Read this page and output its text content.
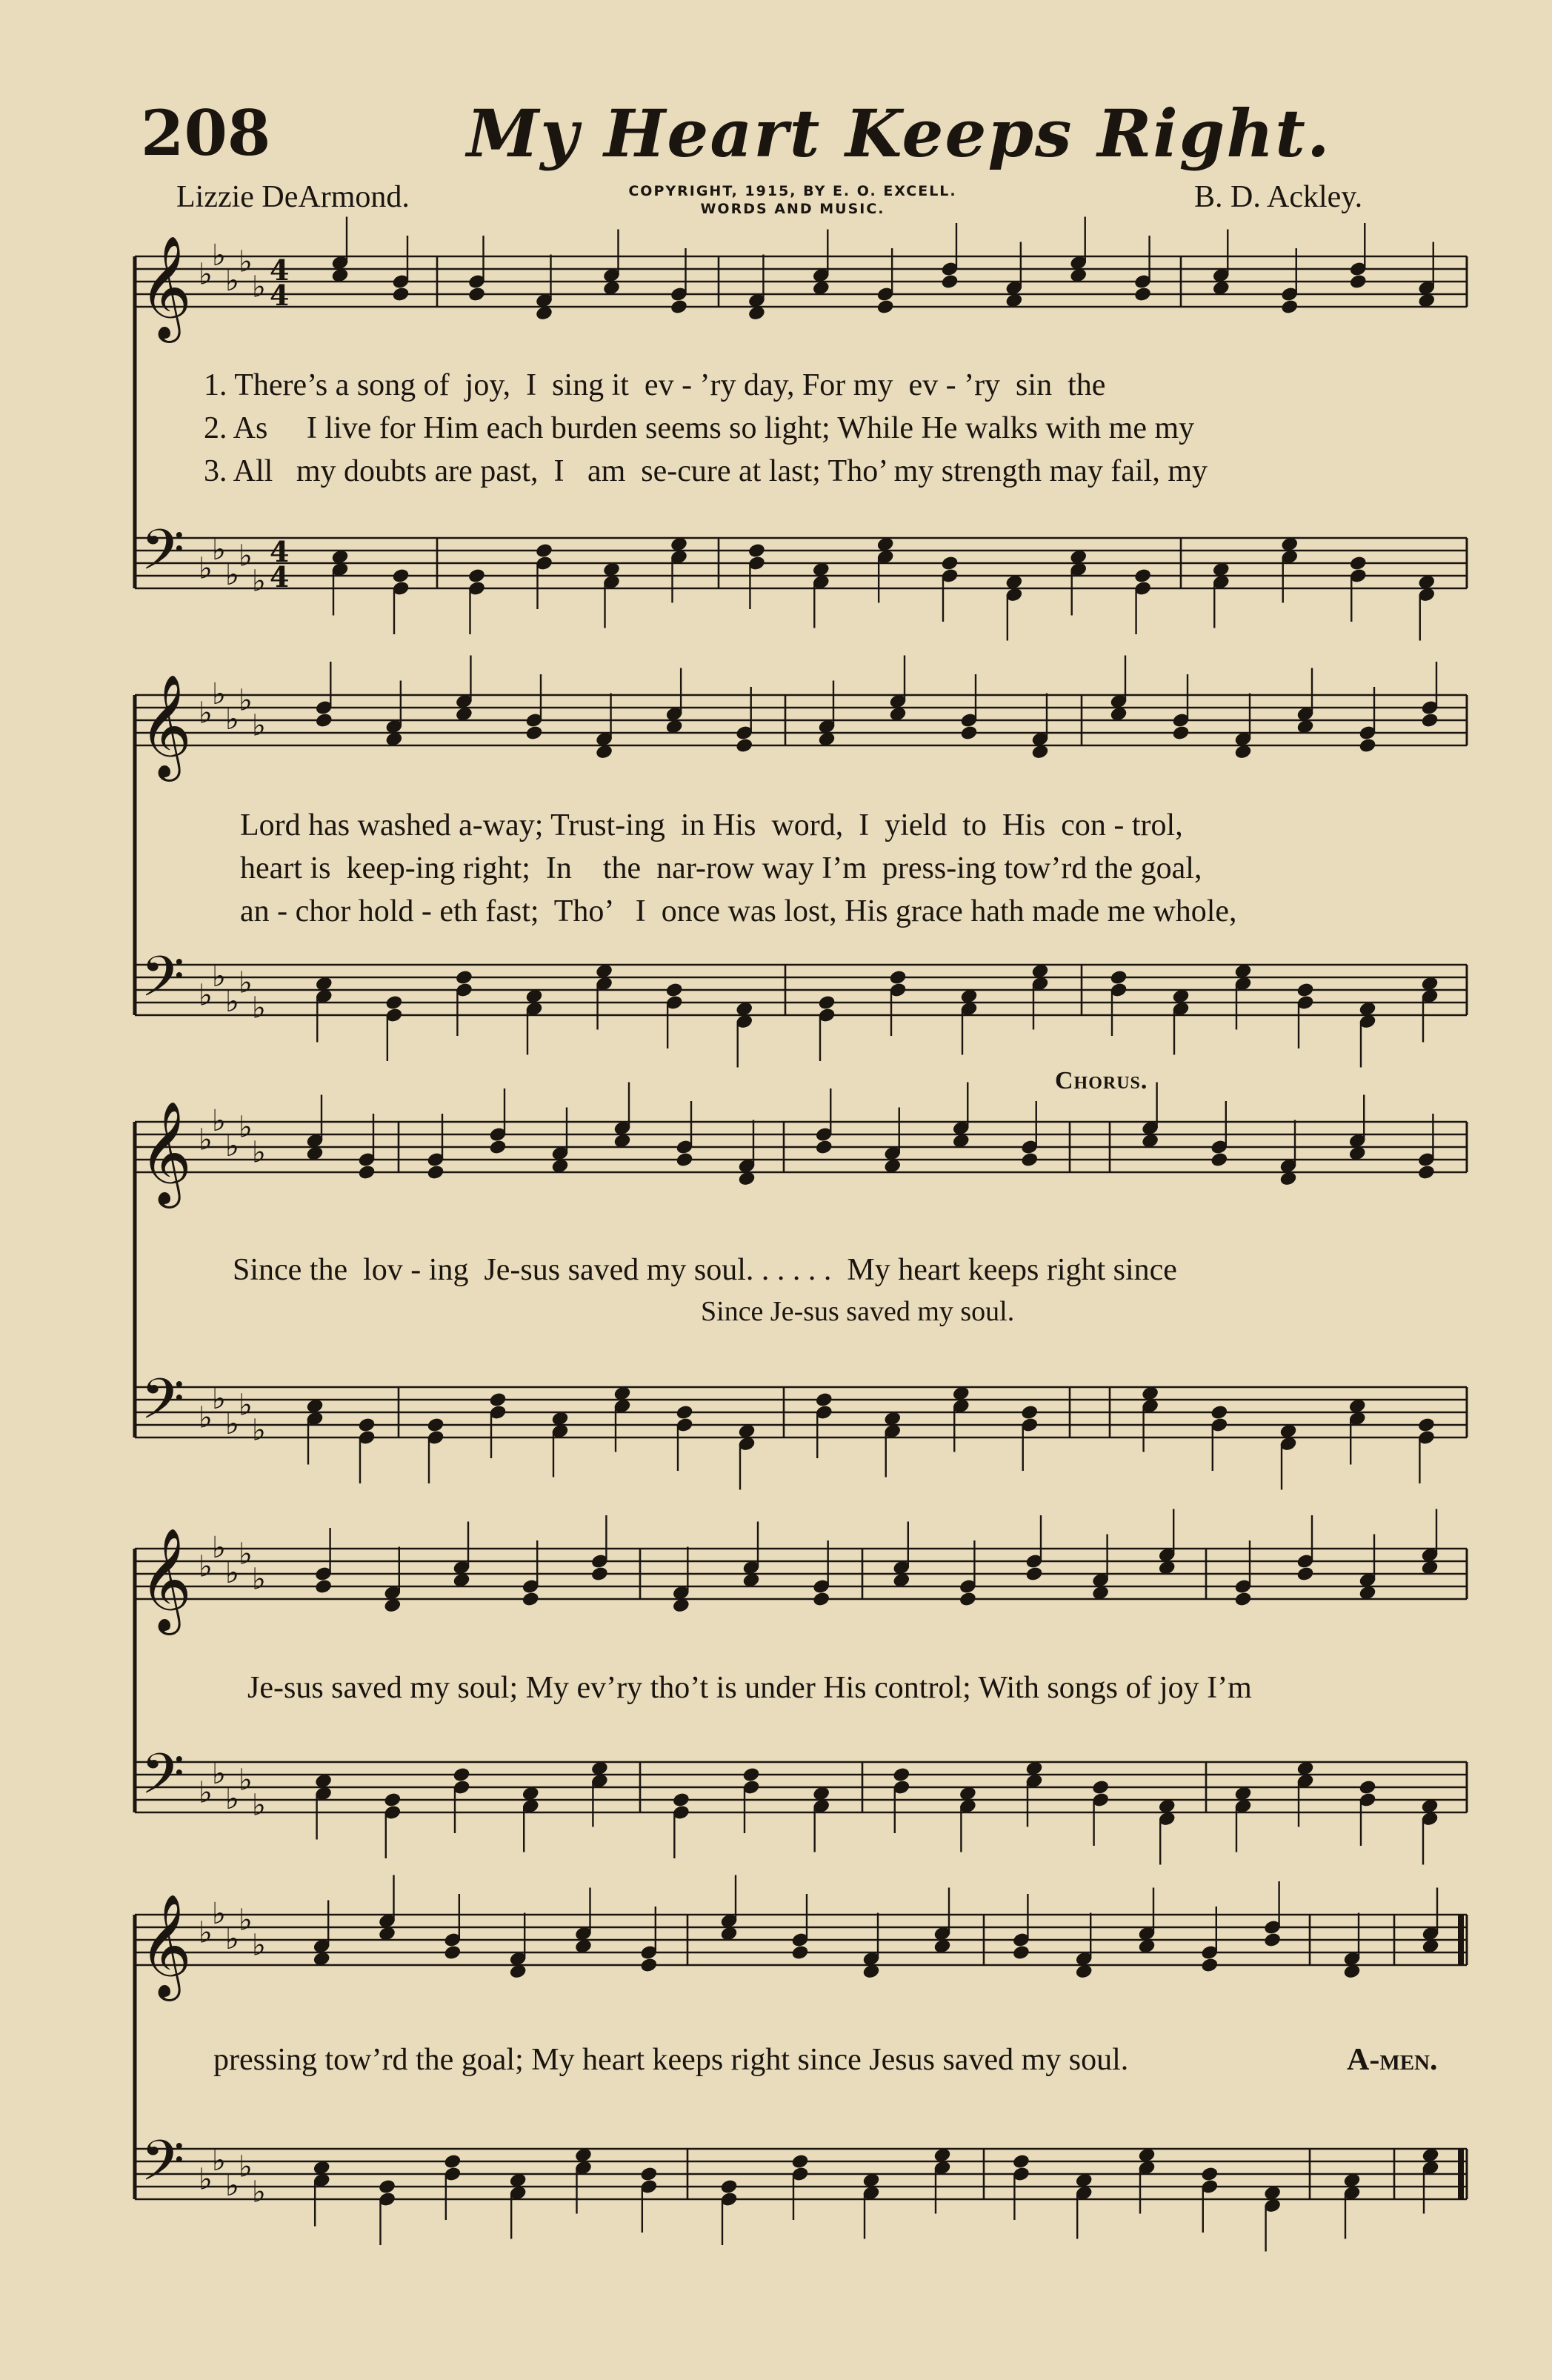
208	My Heart Keeps Right.
Lizzie DeArmond.	COPYRIGHT, 1915, BY E. O. EXCELL.
WORDS AND MUSIC.	B. D. Ackley.
𝄞
𝄢
♭
♭
♭
♭
♭
♭
♭
♭
♭
♭
4
4
4
4
𝄞
𝄢
♭
♭
♭
♭
♭
♭
♭
♭
♭
♭
𝄞
𝄢
♭
♭
♭
♭
♭
♭
♭
♭
♭
♭
𝄞
𝄢
♭
♭
♭
♭
♭
♭
♭
♭
♭
♭
𝄞
𝄢
♭
♭
♭
♭
♭
♭
♭
♭
♭
♭
1. There’s a song of  joy,  I  sing it  ev - ’ry day, For my  ev - ’ry  sin  the
2. As     I live for Him each burden seems so light; While He walks with me my
3. All   my doubts are past,  I   am  se-cure at last; Tho’ my strength may fail, my
Lord has washed a-way; Trust-ing  in His  word,  I  yield  to  His  con - trol,
heart is  keep-ing right;  In    the  nar-row way I’m  press-ing tow’rd the goal,
an - chor hold - eth fast;  Tho’   I  once was lost, His grace hath made me whole,
Chorus.
Since the  lov - ing  Je-sus saved my soul. . . . . .  My heart keeps right since
Since Je-sus saved my soul.
Je-sus saved my soul; My ev’ry tho’t is under His control; With songs of joy I’m
pressing tow’rd the goal; My heart keeps right since Jesus saved my soul.	A-men.
